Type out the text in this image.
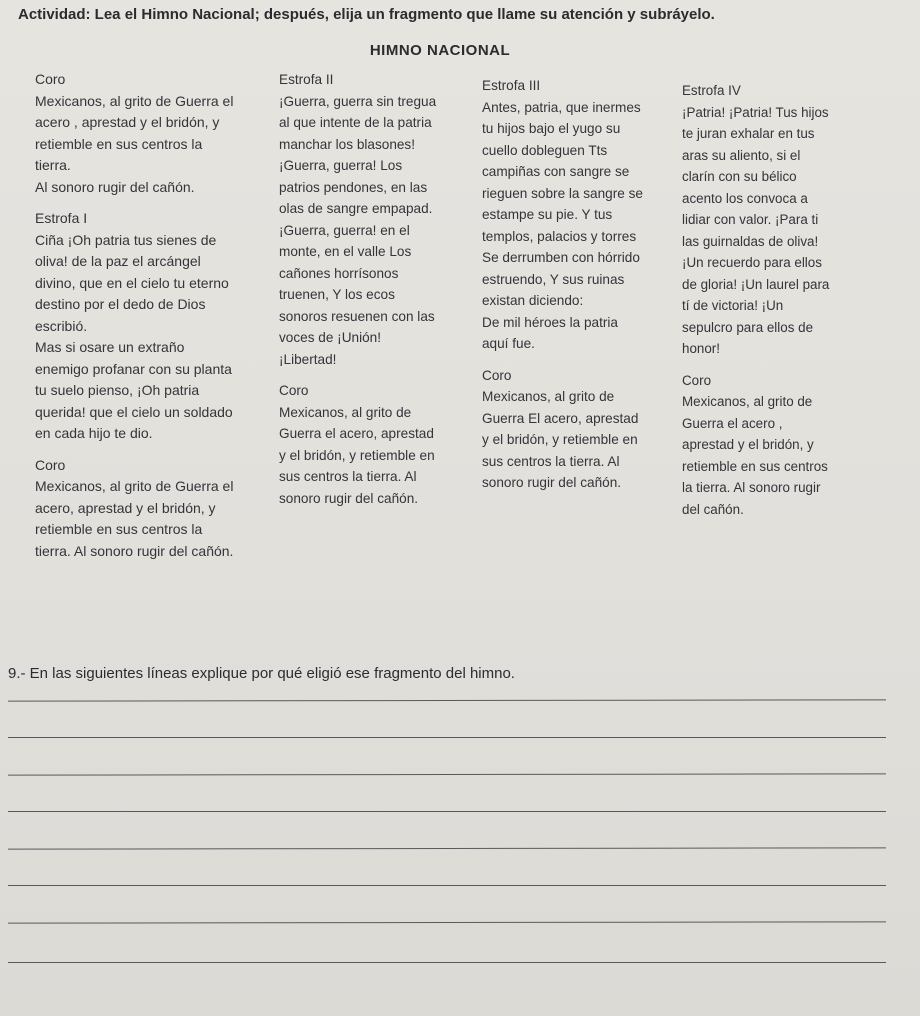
Actividad: Lea el Himno Nacional; después, elija un fragmento que llame su atención y subráyelo.
HIMNO NACIONAL
Coro
Mexicanos, al grito de Guerra el
acero , aprestad y el bridón, y
retiemble en sus centros la
tierra.
Al sonoro rugir del cañón.
Estrofa I
Ciña ¡Oh patria tus sienes de
oliva! de la paz el arcángel
divino, que en el cielo tu eterno
destino por el dedo de Dios
escribió.
Mas si osare un extraño
enemigo profanar con su planta
tu suelo pienso, ¡Oh patria
querida! que el cielo un soldado
en cada hijo te dio.
Coro
Mexicanos, al grito de Guerra el
acero, aprestad y el bridón, y
retiemble en sus centros la
tierra. Al sonoro rugir del cañón.
Estrofa II
¡Guerra, guerra sin tregua
al que intente de la patria
manchar los blasones!
¡Guerra, guerra! Los
patrios pendones, en las
olas de sangre empapad.
¡Guerra, guerra! en el
monte, en el valle Los
cañones horrísonos
truenen, Y los ecos
sonoros resuenen con las
voces de ¡Unión!
¡Libertad!
Coro
Mexicanos, al grito de
Guerra el acero, aprestad
y el bridón, y retiemble en
sus centros la tierra. Al
sonoro rugir del cañón.
Estrofa III
Antes, patria, que inermes
tu hijos bajo el yugo su
cuello dobleguen Tts
campiñas con sangre se
rieguen sobre la sangre se
estampe su pie. Y tus
templos, palacios y torres
Se derrumben con hórrido
estruendo, Y sus ruinas
existan diciendo:
De mil héroes la patria
aquí fue.
Coro
Mexicanos, al grito de
Guerra El acero, aprestad
y el bridón, y retiemble en
sus centros la tierra. Al
sonoro rugir del cañón.
Estrofa IV
¡Patria! ¡Patria! Tus hijos
te juran exhalar en tus
aras su aliento, si el
clarín con su bélico
acento los convoca a
lidiar con valor. ¡Para ti
las guirnaldas de oliva!
¡Un recuerdo para ellos
de gloria! ¡Un laurel para
tí de victoria! ¡Un
sepulcro para ellos de
honor!
Coro
Mexicanos, al grito de
Guerra el acero ,
aprestad y el bridón, y
retiemble en sus centros
la tierra. Al sonoro rugir
del cañón.
9.- En las siguientes líneas explique por qué eligió ese fragmento del himno.
